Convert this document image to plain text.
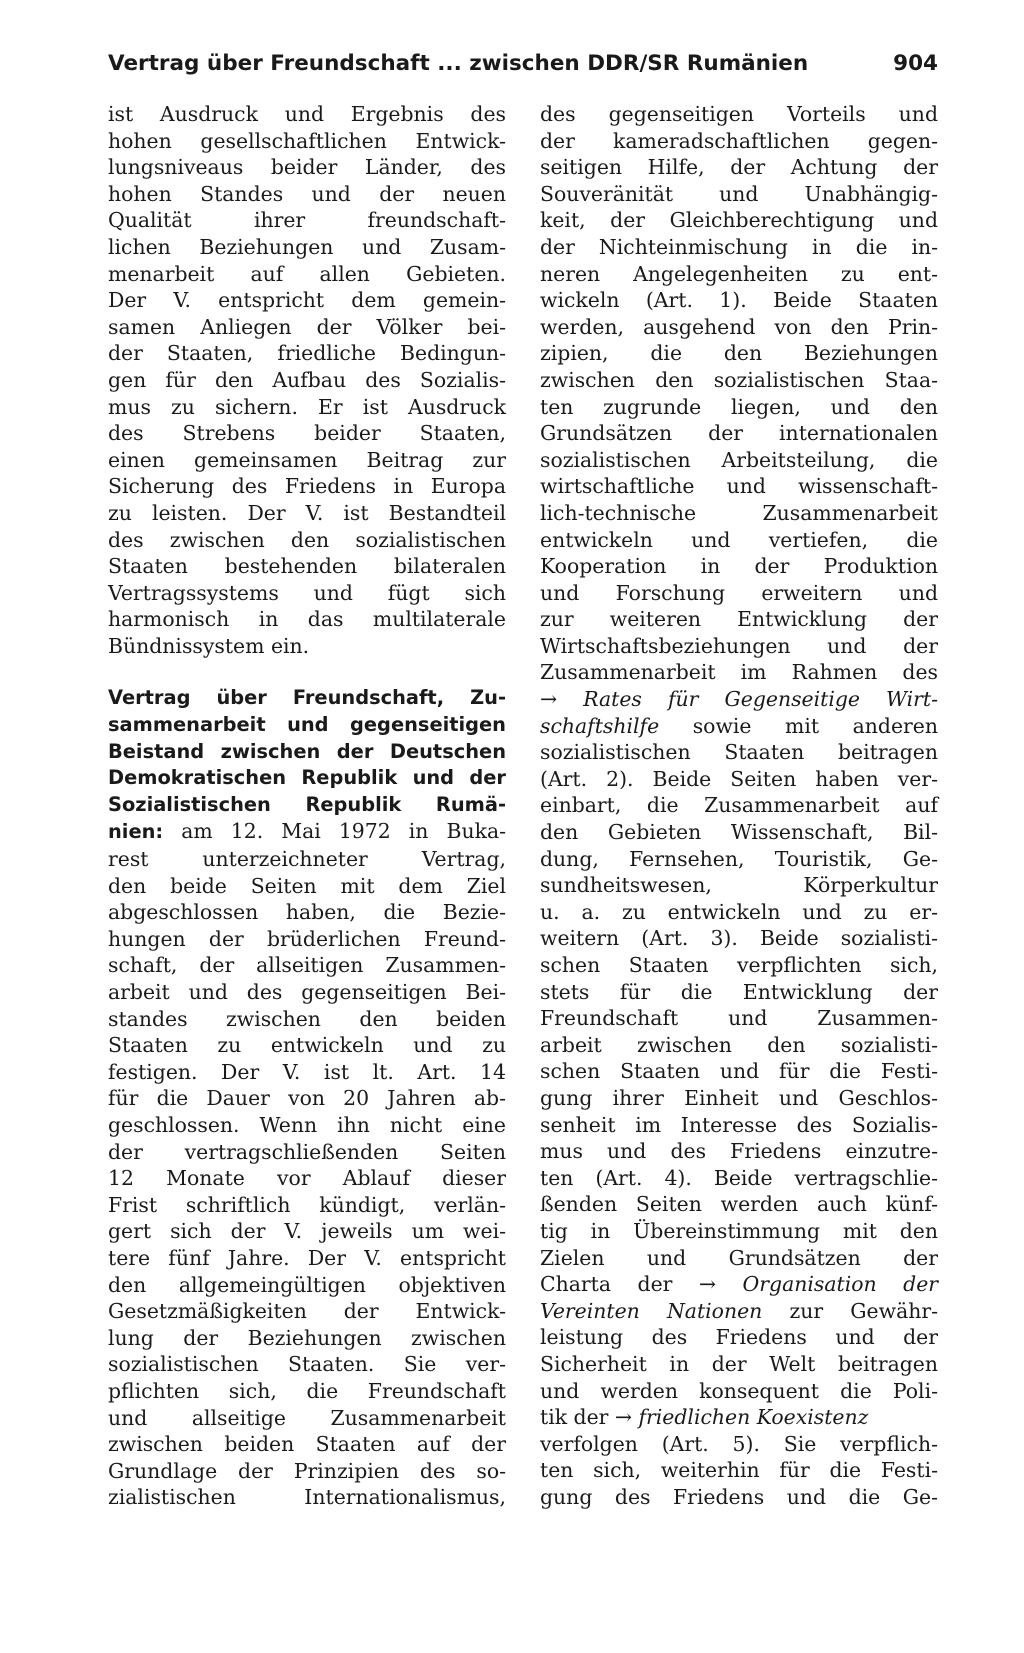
Vertrag über Freundschaft ... zwischen DDR/SR Rumänien	904

ist Ausdruck und Ergebnis des

hohen gesellschaftlichen Entwick-

lungsniveaus beider Länder, des

hohen Standes und der neuen

Qualität ihrer freundschaft-

lichen Beziehungen und Zusam-

menarbeit auf allen Gebieten.

Der V. entspricht dem gemein-

samen Anliegen der Völker bei-

der Staaten, friedliche Bedingun-

gen für den Aufbau des Sozialis-

mus zu sichern. Er ist Ausdruck

des Strebens beider Staaten,

einen gemeinsamen Beitrag zur

Sicherung des Friedens in Europa

zu leisten. Der V. ist Bestandteil

des zwischen den sozialistischen

Staaten bestehenden bilateralen

Vertragssystems und fügt sich

harmonisch in das multilaterale

Bündnissystem ein.

Vertrag über Freundschaft, Zu-

sammenarbeit und gegenseitigen

Beistand zwischen der Deutschen

Demokratischen Republik und der

Sozialistischen Republik Rumä-

nien: am 12. Mai 1972 in Buka-

rest unterzeichneter Vertrag,

den beide Seiten mit dem Ziel

abgeschlossen haben, die Bezie-

hungen der brüderlichen Freund-

schaft, der allseitigen Zusammen-

arbeit und des gegenseitigen Bei-

standes zwischen den beiden

Staaten zu entwickeln und zu

festigen. Der V. ist lt. Art. 14

für die Dauer von 20 Jahren ab-

geschlossen. Wenn ihn nicht eine

der vertragschließenden Seiten

12 Monate vor Ablauf dieser

Frist schriftlich kündigt, verlän-

gert sich der V. jeweils um wei-

tere fünf Jahre. Der V. entspricht

den allgemeingültigen objektiven

Gesetzmäßigkeiten der Entwick-

lung der Beziehungen zwischen

sozialistischen Staaten. Sie ver-

pflichten sich, die Freundschaft

und allseitige Zusammenarbeit

zwischen beiden Staaten auf der

Grundlage der Prinzipien des so-

zialistischen Internationalismus,

des gegenseitigen Vorteils und

der kameradschaftlichen gegen-

seitigen Hilfe, der Achtung der

Souveränität und Unabhängig-

keit, der Gleichberechtigung und

der Nichteinmischung in die in-

neren Angelegenheiten zu ent-

wickeln (Art. 1). Beide Staaten

werden, ausgehend von den Prin-

zipien, die den Beziehungen

zwischen den sozialistischen Staa-

ten zugrunde liegen, und den

Grundsätzen der internationalen

sozialistischen Arbeitsteilung, die

wirtschaftliche und wissenschaft-

lich-technische Zusammenarbeit

entwickeln und vertiefen, die

Kooperation in der Produktion

und Forschung erweitern und

zur weiteren Entwicklung der

Wirtschaftsbeziehungen und der

Zusammenarbeit im Rahmen des

→ Rates für Gegenseitige Wirt-

schaftshilfe sowie mit anderen

sozialistischen Staaten beitragen

(Art. 2). Beide Seiten haben ver-

einbart, die Zusammenarbeit auf

den Gebieten Wissenschaft, Bil-

dung, Fernsehen, Touristik, Ge-

sundheitswesen, Körperkultur

u. a. zu entwickeln und zu er-

weitern (Art. 3). Beide sozialisti-

schen Staaten verpflichten sich,

stets für die Entwicklung der

Freundschaft und Zusammen-

arbeit zwischen den sozialisti-

schen Staaten und für die Festi-

gung ihrer Einheit und Geschlos-

senheit im Interesse des Sozialis-

mus und des Friedens einzutre-

ten (Art. 4). Beide vertragschlie-

ßenden Seiten werden auch künf-

tig in Übereinstimmung mit den

Zielen und Grundsätzen der

Charta der → Organisation der

Vereinten Nationen zur Gewähr-

leistung des Friedens und der

Sicherheit in der Welt beitragen

und werden konsequent die Poli-

tik der → friedlichen Koexistenz

verfolgen (Art. 5). Sie verpflich-

ten sich, weiterhin für die Festi-

gung des Friedens und die Ge-
